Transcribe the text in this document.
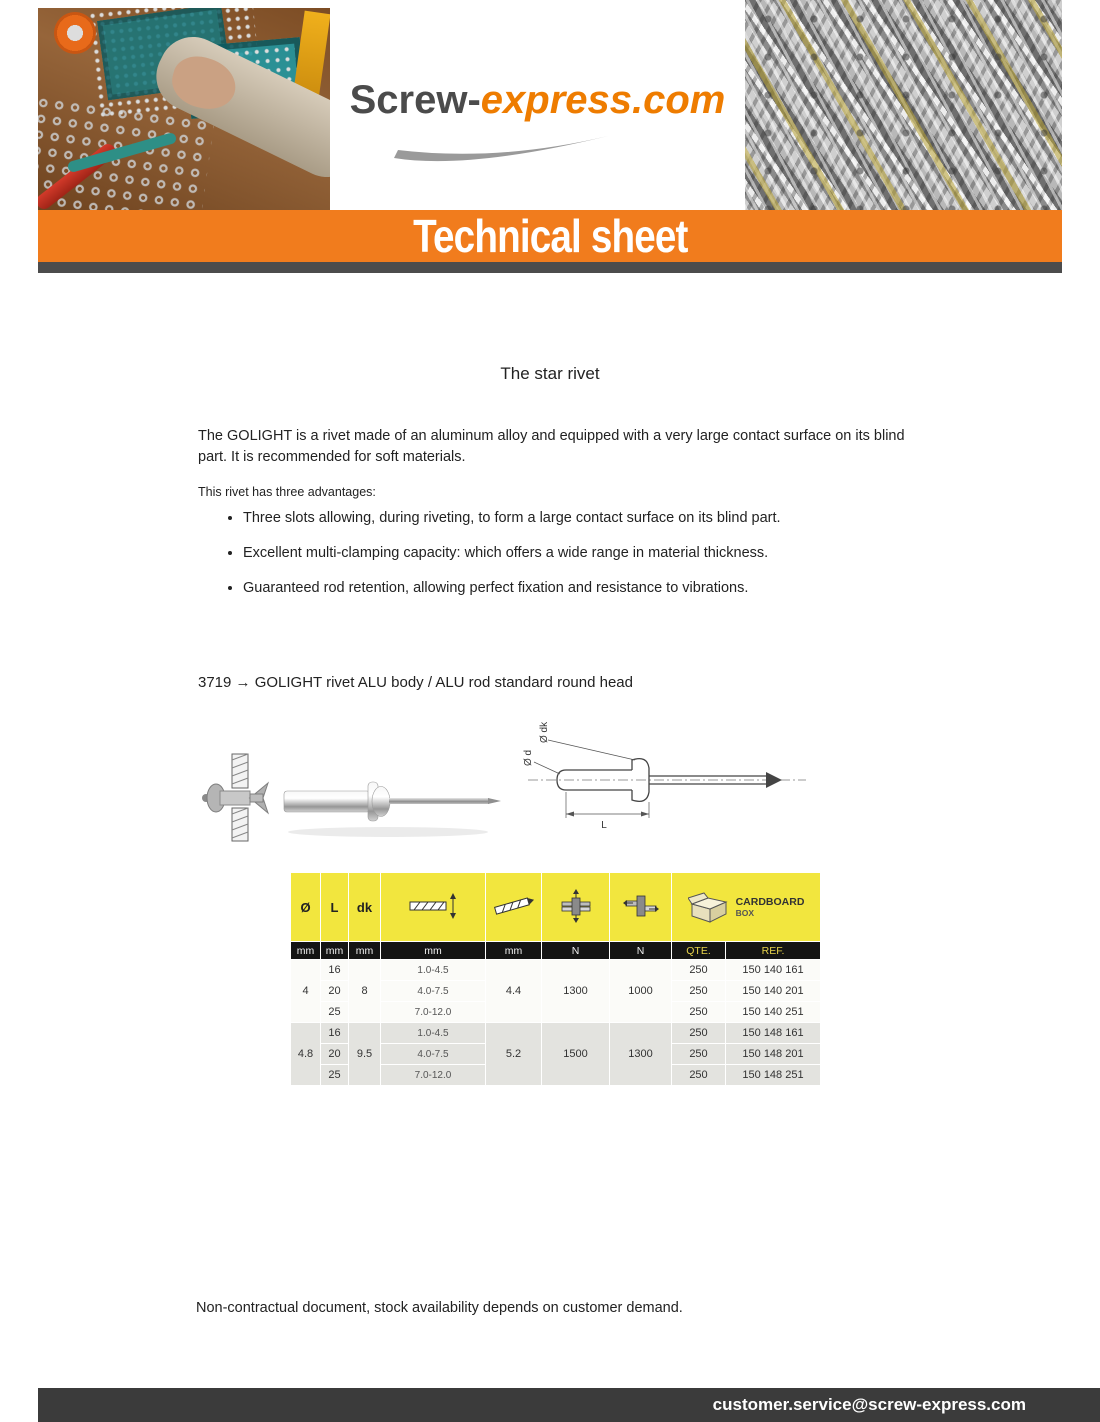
Screw-express.com
Technical sheet
The star rivet

The GOLIGHT is a rivet made of an aluminum alloy and equipped with a very large contact surface on its blind part. It is recommended for soft materials.

This rivet has three advantages:

• Three slots allowing, during riveting, to form a large contact surface on its blind part.
• Excellent multi-clamping capacity: which offers a wide range in material thickness.
• Guaranteed rod retention, allowing perfect fixation and resistance to vibrations.

3719 → GOLIGHT rivet ALU body / ALU rod standard round head

Ø d
Ø dk
L
Ø	L	dk					CARDBOARD
BOX	

mm	mm	mm	mm	mm	N	N	QTE.	REF.
4	16	8	1.0-4.5	4.4	1300	1000	250	150 140 161
	20		4.0-7.5				250	150 140 201
	25		7.0-12.0				250	150 140 251
4.8	16	9.5	1.0-4.5	5.2	1500	1300	250	150 148 161
	20		4.0-7.5				250	150 148 201
	25		7.0-12.0				250	150 148 251

Non-contractual document, stock availability depends on customer demand.

customer.service@screw-express.com
